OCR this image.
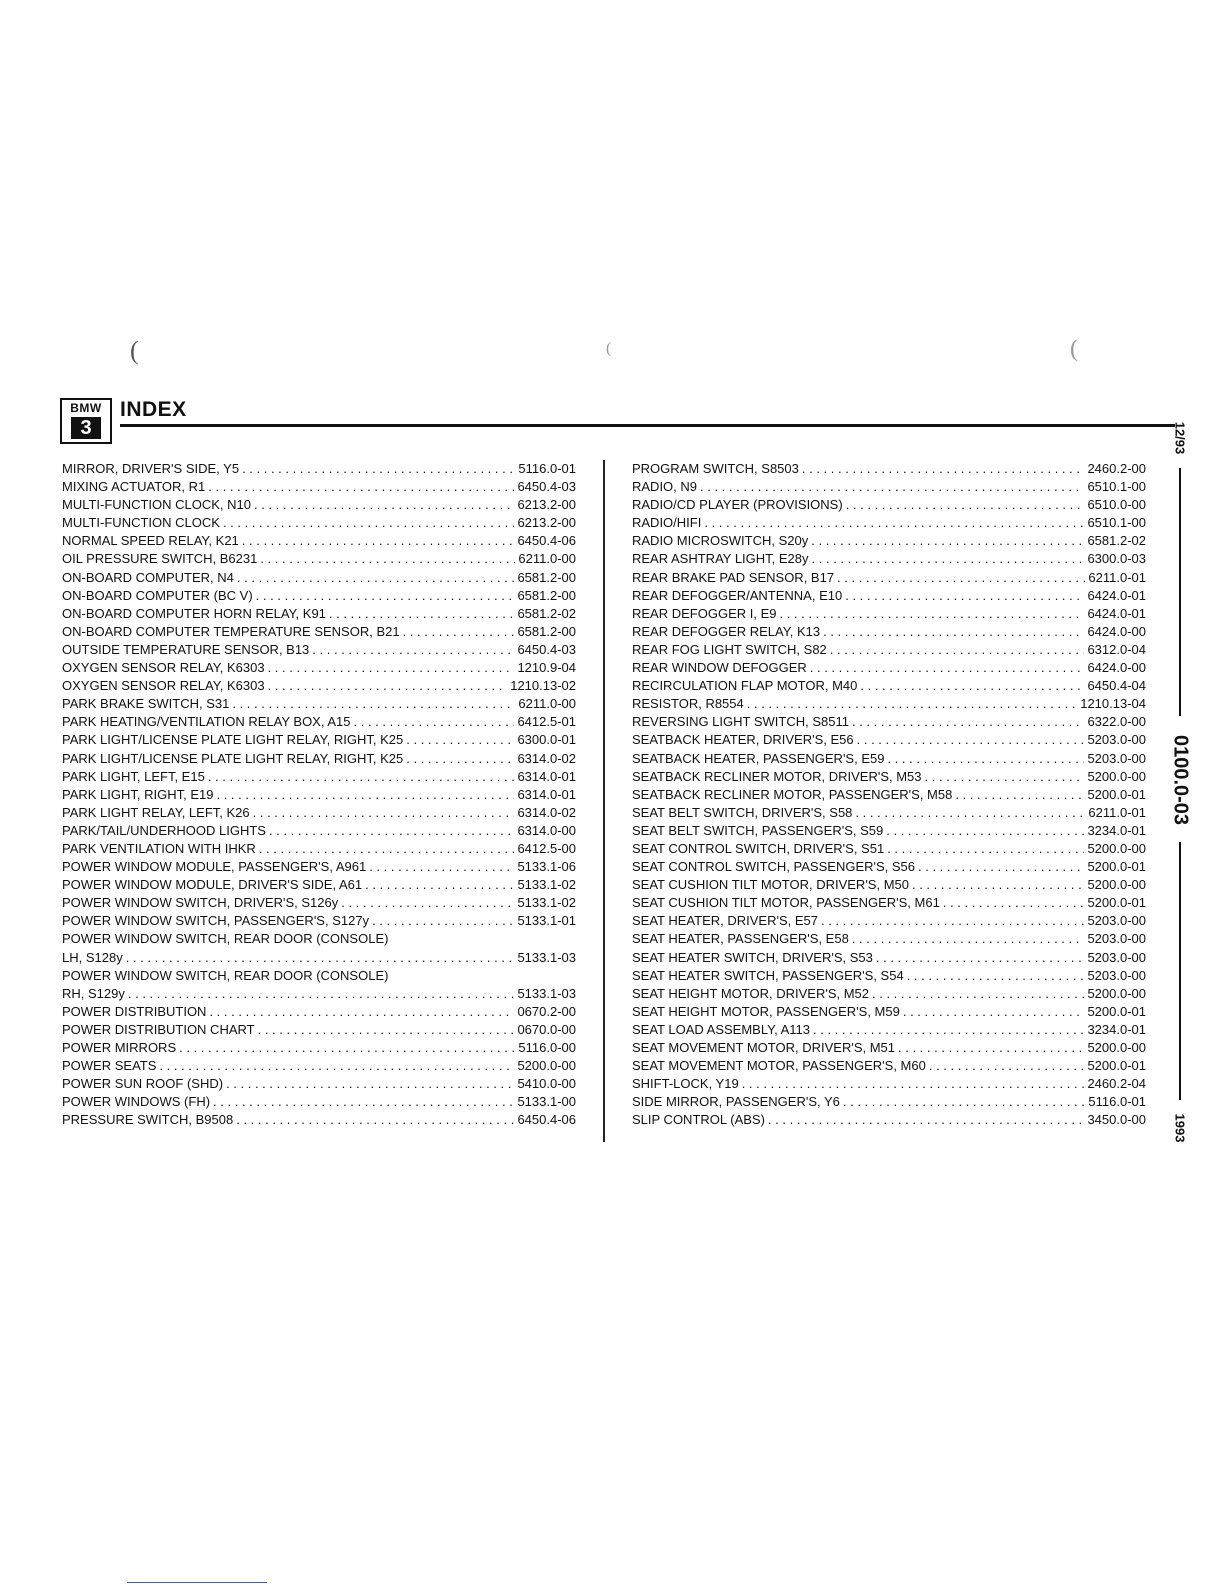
(	(	(
BMW
3
INDEX
MIRROR, DRIVER'S SIDE, Y5 . . .	5116.0-01
MIXING ACTUATOR, R1 . . .	6450.4-03
MULTI-FUNCTION CLOCK, N10 . . .	6213.2-00
MULTI-FUNCTION CLOCK . . .	6213.2-00
NORMAL SPEED RELAY, K21 . . .	6450.4-06
OIL PRESSURE SWITCH, B6231 . . .	6211.0-00
ON-BOARD COMPUTER, N4 . . .	6581.2-00
ON-BOARD COMPUTER (BC V) . . .	6581.2-00
ON-BOARD COMPUTER HORN RELAY, K91 . . .	6581.2-02
ON-BOARD COMPUTER TEMPERATURE SENSOR, B21 . . .	6581.2-00
OUTSIDE TEMPERATURE SENSOR, B13 . . .	6450.4-03
OXYGEN SENSOR RELAY, K6303 . . .	1210.9-04
OXYGEN SENSOR RELAY, K6303 . . .	1210.13-02
PARK BRAKE SWITCH, S31 . . .	6211.0-00
PARK HEATING/VENTILATION RELAY BOX, A15 . . .	6412.5-01
PARK LIGHT/LICENSE PLATE LIGHT RELAY, RIGHT, K25 . . .	6300.0-01
PARK LIGHT/LICENSE PLATE LIGHT RELAY, RIGHT, K25 . . .	6314.0-02
PARK LIGHT, LEFT, E15 . . .	6314.0-01
PARK LIGHT, RIGHT, E19 . . .	6314.0-01
PARK LIGHT RELAY, LEFT, K26 . . .	6314.0-02
PARK/TAIL/UNDERHOOD LIGHTS . . .	6314.0-00
PARK VENTILATION WITH IHKR . . .	6412.5-00
POWER WINDOW MODULE, PASSENGER'S, A961 . . .	5133.1-06
POWER WINDOW MODULE, DRIVER'S SIDE, A61 . . .	5133.1-02
POWER WINDOW SWITCH, DRIVER'S, S126y . . .	5133.1-02
POWER WINDOW SWITCH, PASSENGER'S, S127y . . .	5133.1-01
POWER WINDOW SWITCH, REAR DOOR (CONSOLE)
LH, S128y . . .	5133.1-03
POWER WINDOW SWITCH, REAR DOOR (CONSOLE)
RH, S129y . . .	5133.1-03
POWER DISTRIBUTION . . .	0670.2-00
POWER DISTRIBUTION CHART . . .	0670.0-00
POWER MIRRORS . . .	5116.0-00
POWER SEATS . . .	5200.0-00
POWER SUN ROOF (SHD) . . .	5410.0-00
POWER WINDOWS (FH) . . .	5133.1-00
PRESSURE SWITCH, B9508 . . .	6450.4-06
PROGRAM SWITCH, S8503 . . .	2460.2-00
RADIO, N9 . . .	6510.1-00
RADIO/CD PLAYER (PROVISIONS) . . .	6510.0-00
RADIO/HIFI . . .	6510.1-00
RADIO MICROSWITCH, S20y . . .	6581.2-02
REAR ASHTRAY LIGHT, E28y . . .	6300.0-03
REAR BRAKE PAD SENSOR, B17 . . .	6211.0-01
REAR DEFOGGER/ANTENNA, E10 . . .	6424.0-01
REAR DEFOGGER I, E9 . . .	6424.0-01
REAR DEFOGGER RELAY, K13 . . .	6424.0-00
REAR FOG LIGHT SWITCH, S82 . . .	6312.0-04
REAR WINDOW DEFOGGER . . .	6424.0-00
RECIRCULATION FLAP MOTOR, M40 . . .	6450.4-04
RESISTOR, R8554 . . .	1210.13-04
REVERSING LIGHT SWITCH, S8511 . . .	6322.0-00
SEATBACK HEATER, DRIVER'S, E56 . . .	5203.0-00
SEATBACK HEATER, PASSENGER'S, E59 . . .	5203.0-00
SEATBACK RECLINER MOTOR, DRIVER'S, M53 . . .	5200.0-00
SEATBACK RECLINER MOTOR, PASSENGER'S, M58 . . .	5200.0-01
SEAT BELT SWITCH, DRIVER'S, S58 . . .	6211.0-01
SEAT BELT SWITCH, PASSENGER'S, S59 . . .	3234.0-01
SEAT CONTROL SWITCH, DRIVER'S, S51 . . .	5200.0-00
SEAT CONTROL SWITCH, PASSENGER'S, S56 . . .	5200.0-01
SEAT CUSHION TILT MOTOR, DRIVER'S, M50 . . .	5200.0-00
SEAT CUSHION TILT MOTOR, PASSENGER'S, M61 . . .	5200.0-01
SEAT HEATER, DRIVER'S, E57 . . .	5203.0-00
SEAT HEATER, PASSENGER'S, E58 . . .	5203.0-00
SEAT HEATER SWITCH, DRIVER'S, S53 . . .	5203.0-00
SEAT HEATER SWITCH, PASSENGER'S, S54 . . .	5203.0-00
SEAT HEIGHT MOTOR, DRIVER'S, M52 . . .	5200.0-00
SEAT HEIGHT MOTOR, PASSENGER'S, M59 . . .	5200.0-01
SEAT LOAD ASSEMBLY, A113 . . .	3234.0-01
SEAT MOVEMENT MOTOR, DRIVER'S, M51 . . .	5200.0-00
SEAT MOVEMENT MOTOR, PASSENGER'S, M60 . . .	5200.0-01
SHIFT-LOCK, Y19 . . .	2460.2-04
SIDE MIRROR, PASSENGER'S, Y6 . . .	5116.0-01
SLIP CONTROL (ABS) . . .	3450.0-00
12/93
0100.0-03
1993
